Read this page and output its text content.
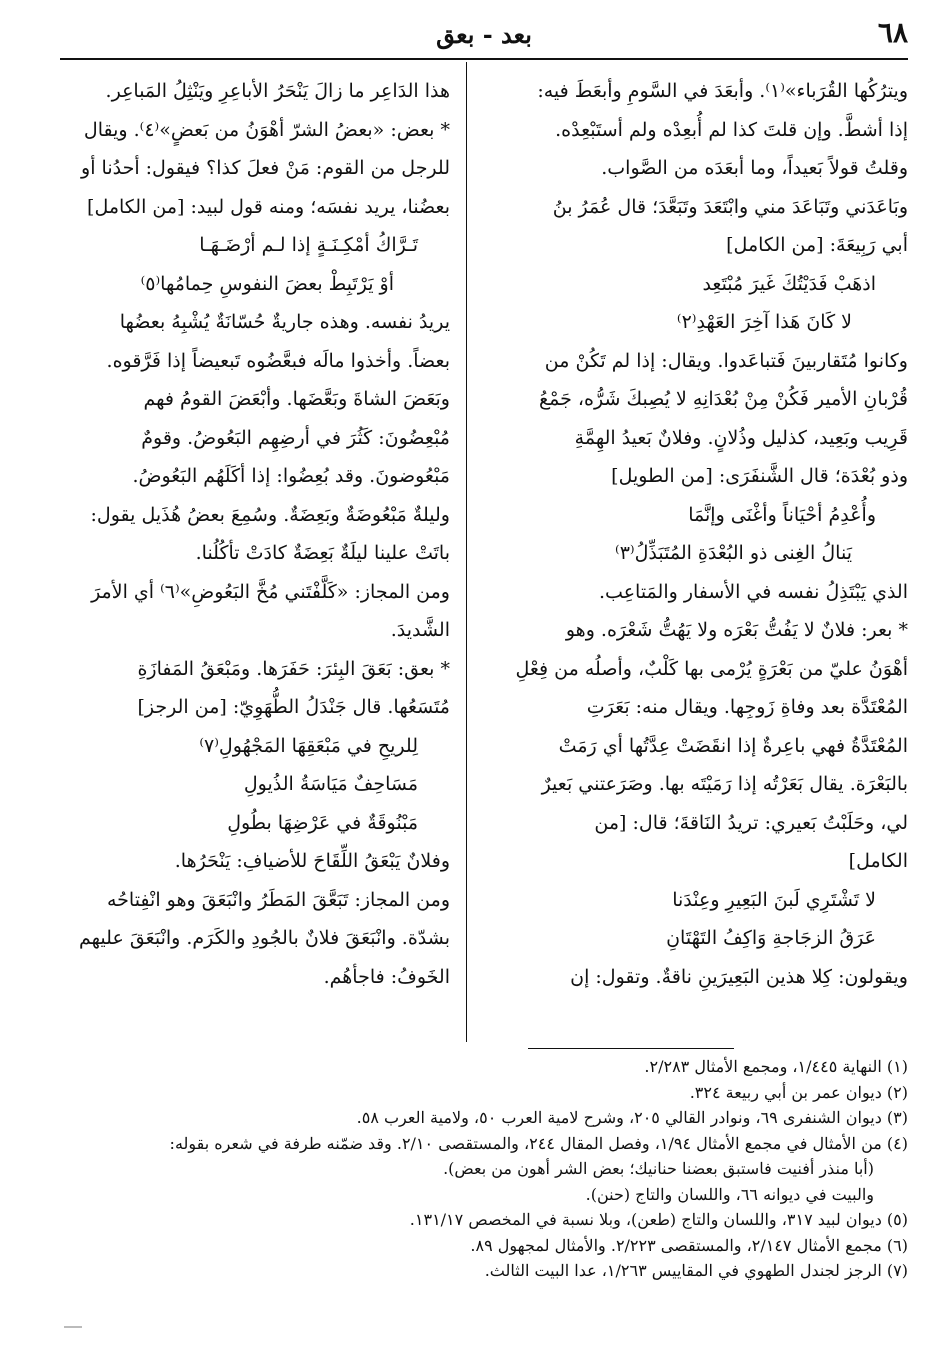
٦٨
بعد - بعق

ويترُكُها القُرَباء»⁽١⁾. وأبعَدَ في السَّومِ وأبعَطَ فيه:

إذا أشطَّ. وإن قلتَ كذا لم أُبعِدْه ولم أستَبْعِدْه.

وقلتُ قولاً بَعيداً، وما أبعَدَه من الصَّواب.

وبَاعَدَني وتَبَاعَدَ مني وابْتَعَدَ وتَبَعَّدَ؛ قال عُمَرُ بنُ

أبي رَبِيعَةَ: [من الكامل]

اذهَبْ فَدَيْتُكَ غَيرَ مُبْتَعِد

لا كَانَ هَذا آخِرَ العَهْدِ⁽٢⁾

وكانوا مُتَقاربينَ فَتباعَدوا. ويقال: إذا لم تَكُنْ من

قُرْبانِ الأمير فَكُنْ مِنْ بُعْدَانِهِ لا يُصِبكَ شَرُّه، جَمْعُ

قَرِيب وبَعِيد، كذليل وذُلانٍ. وفلانٌ بَعيدُ الهِمَّةِ

وذو بُعْدَة؛ قال الشَّنفَرَى: [من الطويل]

وأُعْدِمُ أحْيَاناً وأغْنَى وإنَّمَا

يَنالُ الغِنى ذو البُعْدَةِ المُتَبَذِّلُ⁽٣⁾

الذي يَبْتَذِلُ نفسه في الأسفار والمَتاعِب.

* بعر: فلانٌ لا يَفُتُّ بَعْرَه ولا يَهُتُّ شَعْرَه. وهو

أهْوَنُ عليّ من بَعْرَةٍ يُرْمى بها كَلْبٌ، وأصلُه من فِعْلِ

المُعْتَدَّة بعد وفاةِ زَوجِها. ويقال منه: بَعَرَتِ

المُعْتَدَّةُ فهي باعِرةٌ إذا انقَضَتْ عِدَّتُها أي رَمَتْ

بالبَعْرَة. يقال بَعَرْتُه إذا رَمَيْتَه بها. وصَرَعتني بَعيرٌ

لي، وحَلَبْتُ بَعيري: تريدُ النَاقةَ؛ قال: [من

الكامل]

لا تَشْتَرِي لَبنَ البَعِيرِ وعِنْدَنا

عَرَقُ الزجَاجةِ وَاكِفُ التَهْتَانِ

ويقولون: كِلا هذين البَعِيرَينِ ناقةٌ. وتقول: إن

هذا الدَاعِر ما زالَ يَنْحَرُ الأباعِرِ ويَنْثِلُ المَباعِر.

* بعض: «بعضُ الشرّ أهْوَنُ من بَعضٍ»⁽٤⁾. ويقال

للرجل من القوم: مَنْ فعلَ كذا؟ فيقول: أحدُنا أو

بعضُنا، يريد نفسَه؛ ومنه قول لبيد: [من الكامل]

تَـرَّاكُ أمْكِـنَـةٍ إذا لـم أرْضَـهَـا

أوْ يَرْتَبِطْ بعضَ النفوسِ حِمامُها⁽٥⁾

يريدُ نفسه. وهذه جاريةٌ حُسّانَةٌ يُشْبِهُ بعضُها

بعضاً. وأخذوا مالَه فبعَّضُوه تَبعيضاً إذا فَرَّقوه.

وبَعَضَ الشاةَ وبَعَّضَها. وأبْعَضَ القومُ فهم

مُبْعِضُونَ: كَثُرَ في أرضِهِم البَعُوضُ. وقومٌ

مَبْعُوضونَ. وقد بُعِضُوا: إذا أكَلَهُم البَعُوضُ.

وليلةٌ مَبْعُوضَةٌ وبَعِضَةٌ. وسُمِعَ بعضُ هُذَيل يقول:

باتَتْ علينا ليلَةٌ بَعِضَةٌ كادَتْ تأكُلُنا.

ومن المجاز: «كَلَّفْتَني مُخَّ البَعُوضِ»⁽٦⁾ أي الأمرَ

الشَّديدَ.

* بعق: بَعَقَ البِئرَ: حَفَرَها. ومَبْعَقُ المَفازَةِ

مُتَسَعُها. قال جَنْدَلُ الطُّهَوِيّ: [من الرجز]

لِلريحِ في مَبْعَقِهَا المَجْهُولِ⁽٧⁾

مَسَاحِفٌ مَيَاسَةُ الذُيولِ

مَبْنُوقَةٌ في عَرْضِهَا بطُولِ

وفلانٌ يَبْعَقُ اللِّقَاحَ للأضيافِ: يَنْحَرُها.

ومن المجاز: تَبَعَّقَ المَطَرُ وانْبَعَقَ وهو انْفِتاحُه

بشدّة. وانْبَعَقَ فلانٌ بالجُودِ والكَرَم. وانْبَعَقَ عليهم

الخَوفُ: فاجأهُم.

(١) النهاية ١/٤٤٥، ومجمع الأمثال ٢/٢٨٣.

(٢) ديوان عمر بن أبي ربيعة ٣٢٤.

(٣) ديوان الشنفرى ٦٩، ونوادر القالي ٢٠٥، وشرح لامية العرب ٥٠، ولامية العرب ٥٨.

(٤) من الأمثال في مجمع الأمثال ١/٩٤، وفصل المقال ٢٤٤، والمستقصى ٢/١٠. وقد ضمّنه طرفة في شعره بقوله:

(أبا منذر أفنيت فاستبق بعضنا حنانيك؛ بعض الشر أهون من بعض).

والبيت في ديوانه ٦٦، واللسان والتاج (حنن).

(٥) ديوان لبيد ٣١٧، واللسان والتاج (طعن)، وبلا نسبة في المخصص ١٣١/١٧.

(٦) مجمع الأمثال ٢/١٤٧، والمستقصى ٢/٢٢٣. والأمثال لمجهول ٨٩.

(٧) الرجز لجندل الطهوي في المقاييس ١/٢٦٣، عدا البيت الثالث.
